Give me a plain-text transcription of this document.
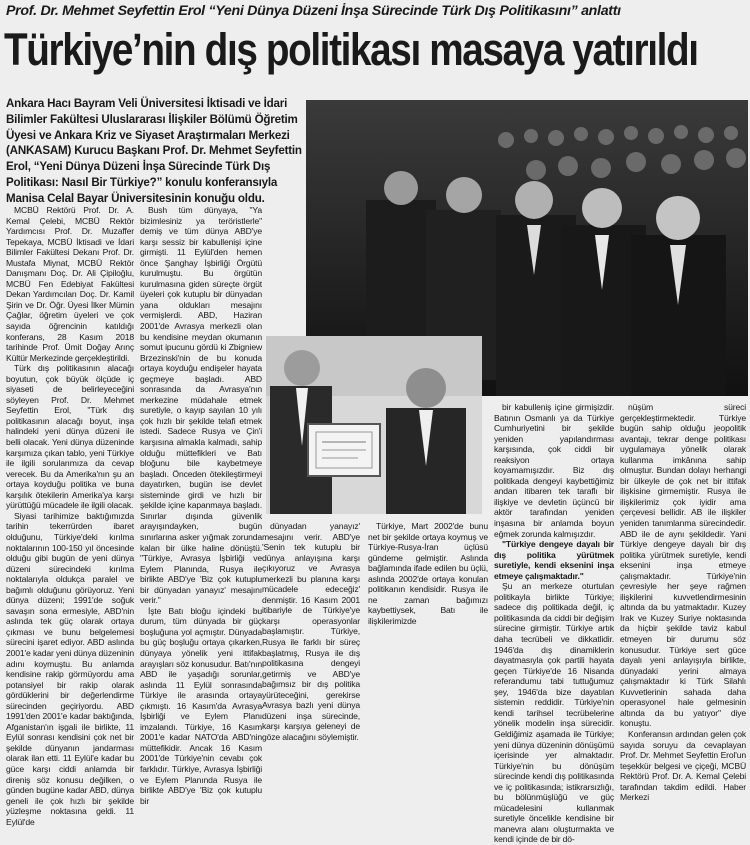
Prof. Dr. Mehmet Seyfettin Erol “Yeni Dünya Düzeni İnşa Sürecinde Türk Dış Politikasını” anlattı
Türkiye’nin dış politikası masaya yatırıldı
Ankara Hacı Bayram Veli Üniversitesi İktisadi ve İdari Bilimler Fakültesi Uluslararası İlişkiler Bölümü Öğretim Üyesi ve Ankara Kriz ve Siyaset Araştırmaları Merkezi (ANKASAM) Kurucu Başkanı Prof. Dr. Mehmet Seyfettin Erol, “Yeni Dünya Düzeni İnşa Sürecinde Türk Dış Politikası: Nasıl Bir Türkiye?” konulu konferansıyla Manisa Celal Bayar Üniversitesinin konuğu oldu.

MCBÜ Rektörü Prof. Dr. A. Kemal Çelebi, MCBÜ Rektör Yardımcısı Prof. Dr. Muzaffer Tepekaya, MCBÜ İktisadi ve İdari Bilimler Fakültesi Dekanı Prof. Dr. Mustafa Miynat, MCBÜ Rektör Danışmanı Doç. Dr. Ali Çipiloğlu, MCBÜ Fen Edebiyat Fakültesi Dekan Yardımcıları Doç. Dr. Kamil Şirin ve Dr. Öğr. Üyesi İlker Mümin Çağlar, öğretim üyeleri ve çok sayıda öğrencinin katıldığı konferans, 28 Kasım 2018 tarihinde Prof. Ümit Doğay Arınç Kültür Merkezinde gerçekleştirildi.

Türk dış politikasının alacağı boyutun, çok büyük ölçüde iç siyaseti de belirleyeceğini söyleyen Prof. Dr. Mehmet Seyfettin Erol, "Türk dış politikasının alacağı boyut, inşa halindeki yeni dünya düzeni ile belli olacak. Yeni dünya düzeninde karşımıza çıkan tablo, yeni Türkiye ile ilgili sorularımıza da cevap verecek. Bu da Amerika'nın şu an ortaya koyduğu politika ve buna karşılık ötekilerin Amerika'ya karşı yürüttüğü mücadele ile ilgili olacak.

Siyasi tarihimize baktığımızda tarihin tekerrürden ibaret olduğunu, Türkiye'deki kırılma noktalarının 100-150 yıl öncesinde olduğu gibi bugün de yeni dünya düzeni sürecindeki kırılma noktalarıyla oldukça paralel ve bağımlı olduğunu görüyoruz. Yeni dünya düzeni; 1991'de soğuk savaşın sona ermesiyle, ABD'nin aslında tek güç olarak ortaya çıkması ve bunu belgelemesi sürecini işaret ediyor. ABD aslında 2001'e kadar yeni dünya düzeninin adını koymuştu. Bu anlamda kendisine rakip görmüyordu ama potansiyel bir rakip olarak gördüklerini bir değerlendirme sürecinden geçiriyordu. ABD 1991'den 2001'e kadar baktığında, Afganistan'ın işgali ile birlikte, 11 Eylül sonrası kendisini çok net bir şekilde dünyanın jandarması olarak ilan etti. 11 Eylül'e kadar bu güce karşı ciddi anlamda bir direniş söz konusu değilken, o günden bugüne kadar ABD, dünya geneli ile çok hızlı bir şekilde yüzleşme noktasına geldi. 11 Eylül'de

Bush tüm dünyaya, "Ya bizimlesiniz ya teröristlerle" demiş ve tüm dünya ABD'ye karşı sessiz bir kabullenişi içine girmişti. 11 Eylül'den hemen önce Şanghay İşbirliği Örgütü kurulmuştu. Bu örgütün kurulmasına giden süreçte örgüt üyeleri çok kutuplu bir dünyadan yana oldukları mesajını vermişlerdi. ABD, Haziran 2001'de Avrasya merkezli olan bu kendisine meydan okumanın somut ipucunu gördü ki Zbigniew Brzezinski'nin de bu konuda ortaya koyduğu endişeler hayata geçmeye başladı. ABD sonrasında da Avrasya'nın merkezine müdahale etmek suretiyle, o kayıp sayılan 10 yılı çok hızlı bir şekilde telafi etmek istedi. Sadece Rusya ve Çin'i karşısına almakla kalmadı, sahip olduğu müttefikleri ve Batı bloğunu bile kaybetmeye başladı. Önceden ötekileştirmeyi dayatırken, bugün ise devlet sisteminde girdi ve hızlı bir şekilde içine kapanmaya başladı. Sınırlar dışında güvenlik arayışındayken, bugün sınırlarına asker yığmak zorunda kalan bir ülke haline dönüştü. "Türkiye, Avrasya İşbirliği ve Eylem Planında, Rusya ile birlikte ABD'ye 'Biz çok kutuplu bir dünyadan yanayız' mesajını verir."

İşte Batı bloğu içindeki bu durum, tüm dünyada bir güç boşluğuna yol açmıştır. Dünyada bu güç boşluğu ortaya çıkarken, dünyaya yönelik yeni ittifak arayışları söz konusudur. Batı'nın ABD ile yaşadığı sorunlar, aslında 11 Eylül sonrasında Türkiye ile arasında ortaya çıkmıştı. 16 Kasım'da Avrasya İşbirliği ve Eylem Planı imzalandı. Türkiye, 16 Kasım 2001'e kadar NATO'da ABD'nin müttefikidir. Ancak 16 Kasım 2001'de Türkiye'nin cevabı çok farklıdır. Türkiye, Avrasya İşbirliği ve Eylem Planında Rusya ile birlikte ABD'ye 'Biz çok kutuplu bir

dünyadan yanayız' mesajını verir. ABD'ye 'Senin tek kutuplu bir dünya anlayışına karşı çıkıyoruz ve Avrasya merkezli bu planına karşı mücadele edeceğiz' denmiştir. 16 Kasım 2001 itibariyle de Türkiye'ye karşı operasyonlar başlamıştır. Türkiye, Rusya ile farklı bir süreç başlatmış, Rusya ile dış politikasına dengeyi getirmiş ve ABD'ye bağımsız bir dış politika yürüteceğini, gerekirse Avrasya bazlı yeni dünya düzeni inşa sürecinde, karşı karşıya geleneyi de göze alacağını söylemiştir.

Türkiye, Mart 2002'de bunu net bir şekilde ortaya koymuş ve Türkiye-Rusya-İran üçlüsü gündeme gelmiştir. Aslında bağlamında ifade edilen bu üçlü, aslında 2002'de ortaya konulan politikanın kendisidir. Rusya ile ne zaman bağımızı kaybettiysek, Batı ile ilişkilerimizde

bir kabulleniş içine girmişizdir. Batının Osmanlı ya da Türkiye Cumhuriyetini bir şekilde yeniden yapılandırması karşısında, çok ciddi bir reaksiyon ortaya koyamamışızdır. Biz dış politikada dengeyi kaybettiğimiz andan itibaren tek taraflı bir ilişkiye ve devletin üçüncü bir aktör tarafından yeniden inşasına bir anlamda boyun eğmek zorunda kalmışızdır.

"Türkiye dengeye dayalı bir dış politika yürütmek suretiyle, kendi eksenini inşa etmeye çalışmaktadır."

Şu an merkeze oturtulan politikayla birlikte Türkiye; sadece dış politikada değil, iç politikasında da ciddi bir değişim sürecine girmiştir. Türkiye artık daha tecrübeli ve dikkatlidir. 1946'da dış dinamiklerin dayatmasıyla çok partili hayata geçen Türkiye'de 16 Nisanda referandumu tabi tuttuğumuz şey, 1946'da bize dayatılan sistemin reddidir. Türkiye'nin kendi tarihsel tecrübelerine yönelik modelin inşa sürecidir. Geldiğimiz aşamada ile Türkiye; yeni dünya düzeninin dönüşümü içerisinde yer almaktadır. Türkiye'nin bu dönüşüm sürecinde kendi dış politikasında ve iç politikasında; istikrarsızlığı, bu bölünmüşlüğü ve güç mücadelesini kullanmak suretiyle öncelikle kendisine bir manevra alanı oluşturmakta ve kendi içinde de bir dö-

nüşüm süreci gerçekleştirmektedir. Türkiye bugün sahip olduğu jeopolitik avantajı, tekrar denge politikası uygulamaya yönelik olarak kullanma imkânına sahip olmuştur. Bundan dolayı herhangi bir ülkeyle de çok net bir ittifak ilişkisine girmemiştir. Rusya ile ilişkilerimiz çok iyidir ama çerçevesi bellidir. AB ile ilişkiler yeniden tanımlanma sürecindedir. ABD ile de aynı şekildedir. Yani Türkiye dengeye dayalı bir dış politika yürütmek suretiyle, kendi eksenini inşa etmeye çalışmaktadır. Türkiye'nin çevresiyle her şeye rağmen ilişkilerini kuvvetlendirmesinin altında da bu yatmaktadır. Kuzey Irak ve Kuzey Suriye noktasında da hiçbir şekilde taviz kabul etmeyen bir durumu söz konusudur. Türkiye sert güce dayalı yeni anlayışıyla birlikte, dünyadaki yerini almaya çalışmaktadır ki Türk Silahlı Kuvvetlerinin sahada daha operasyonel hale gelmesinin altında da bu yatıyor" diye konuştu.

Konferansın ardından gelen çok sayıda soruyu da cevaplayan Prof. Dr. Mehmet Seyfettin Erol'un teşekkür belgesi ve çiçeği, MCBÜ Rektörü Prof. Dr. A. Kemal Çelebi tarafından takdim edildi. Haber Merkezi
